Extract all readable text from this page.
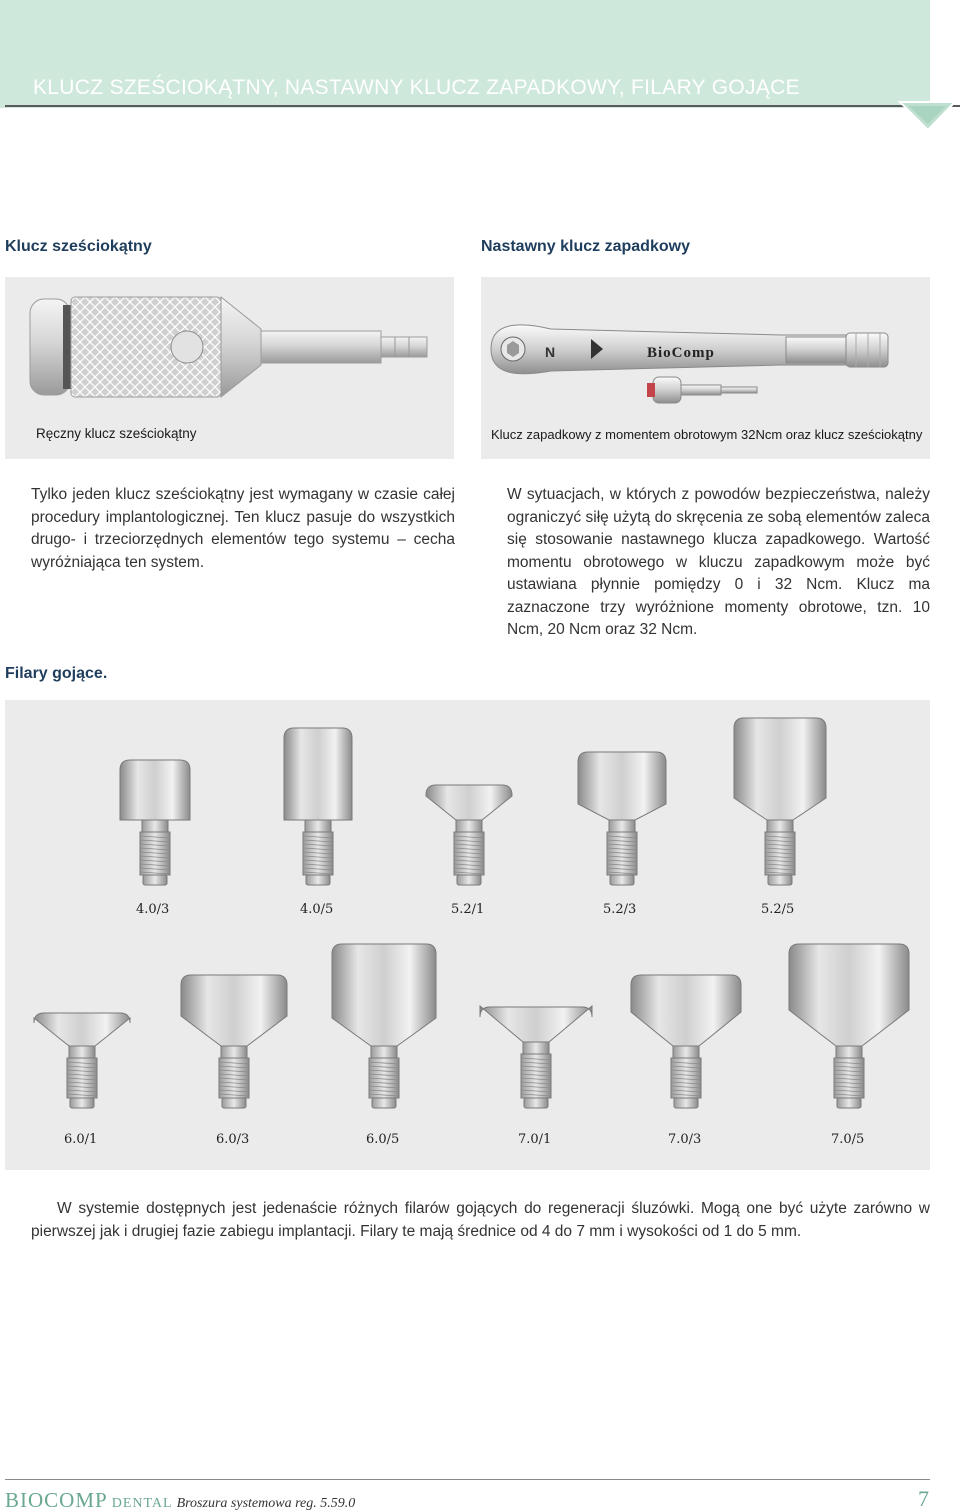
KLUCZ SZEŚCIOKĄTNY, NASTAWNY KLUCZ ZAPADKOWY, FILARY GOJĄCE
Klucz sześciokątny	Nastawny klucz zapadkowy
Ręczny klucz sześciokątny
N	BioComp
Klucz zapadkowy z momentem obrotowym 32Ncm oraz klucz sześciokątny
Tylko jeden klucz sześciokątny jest wymagany w czasie całej procedury implantologicznej. Ten klucz pasuje do wszystkich drugo- i trzeciorzędnych elementów tego systemu – cecha wyróżniająca ten system.
W sytuacjach, w których z powodów bezpieczeństwa, należy ograniczyć siłę użytą do skręcenia ze sobą elementów zaleca się stosowanie nastawnego klucza zapadkowego. Wartość momentu obrotowego w kluczu zapadkowym może być ustawiana płynnie pomiędzy 0 i 32 Ncm. Klucz ma zaznaczone trzy wyróżnione momenty obrotowe, tzn. 10 Ncm, 20 Ncm oraz 32 Ncm.
Filary gojące.
4.0/3	4.0/5	5.2/1	5.2/3	5.2/5
6.0/1	6.0/3	6.0/5	7.0/1	7.0/3	7.0/5
W systemie dostępnych jest jedenaście różnych filarów gojących do regeneracji śluzówki. Mogą one być użyte zarówno w pierwszej jak i drugiej fazie zabiegu implantacji. Filary te mają średnice od 4 do 7 mm i wysokości od 1 do 5 mm.
BIOCOMP DENTAL Broszura systemowa reg. 5.59.0	7
